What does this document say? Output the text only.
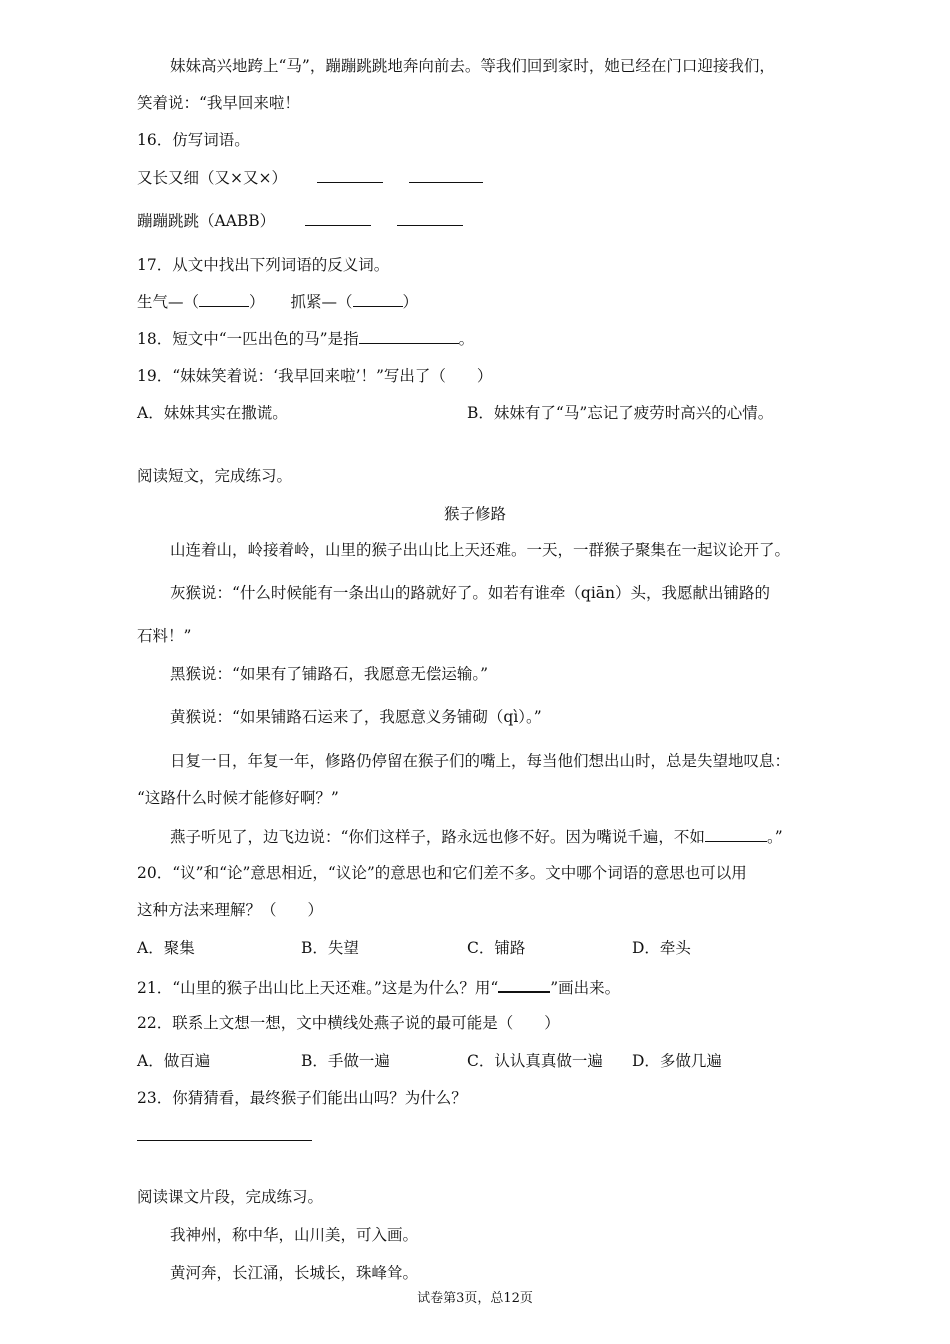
妹妹高兴地跨上“马”，蹦蹦跳跳地奔向前去。等我们回到家时，她已经在门口迎接我们，
笑着说：“我早回来啦！
16．仿写词语。
又长又细（又×又×）
蹦蹦跳跳（AABB）
17．从文中找出下列词语的反义词。
生气—（	） 抓紧—（	）
18．短文中“一匹出色的马”是指	。
19．“妹妹笑着说：‘我早回来啦’！”写出了（　　）
A．妹妹其实在撒谎。	B．妹妹有了“马”忘记了疲劳时高兴的心情。
阅读短文，完成练习。
猴子修路
山连着山，岭接着岭，山里的猴子出山比上天还难。一天，一群猴子聚集在一起议论开了。
灰猴说：“什么时候能有一条出山的路就好了。如若有谁牵（qiān）头，我愿献出铺路的
石料！”
黑猴说：“如果有了铺路石，我愿意无偿运输。”
黄猴说：“如果铺路石运来了，我愿意义务铺砌（qì）。”
日复一日，年复一年，修路仍停留在猴子们的嘴上，每当他们想出山时，总是失望地叹息：
“这路什么时候才能修好啊？”
燕子听见了，边飞边说：“你们这样子，路永远也修不好。因为嘴说千遍，不如	。”
20．“议”和“论”意思相近，“议论”的意思也和它们差不多。文中哪个词语的意思也可以用
这种方法来理解？（　　）
A．聚集	B．失望	C．铺路	D．牵头
21．“山里的猴子出山比上天还难。”这是为什么？用“	”画出来。
22．联系上文想一想，文中横线处燕子说的最可能是（　　）
A．做百遍	B．手做一遍	C．认认真真做一遍 D．多做几遍
23．你猜猜看，最终猴子们能出山吗？为什么？
阅读课文片段，完成练习。
我神州，称中华，山川美，可入画。
黄河奔，长江涌，长城长，珠峰耸。
试卷第3页，总12页
